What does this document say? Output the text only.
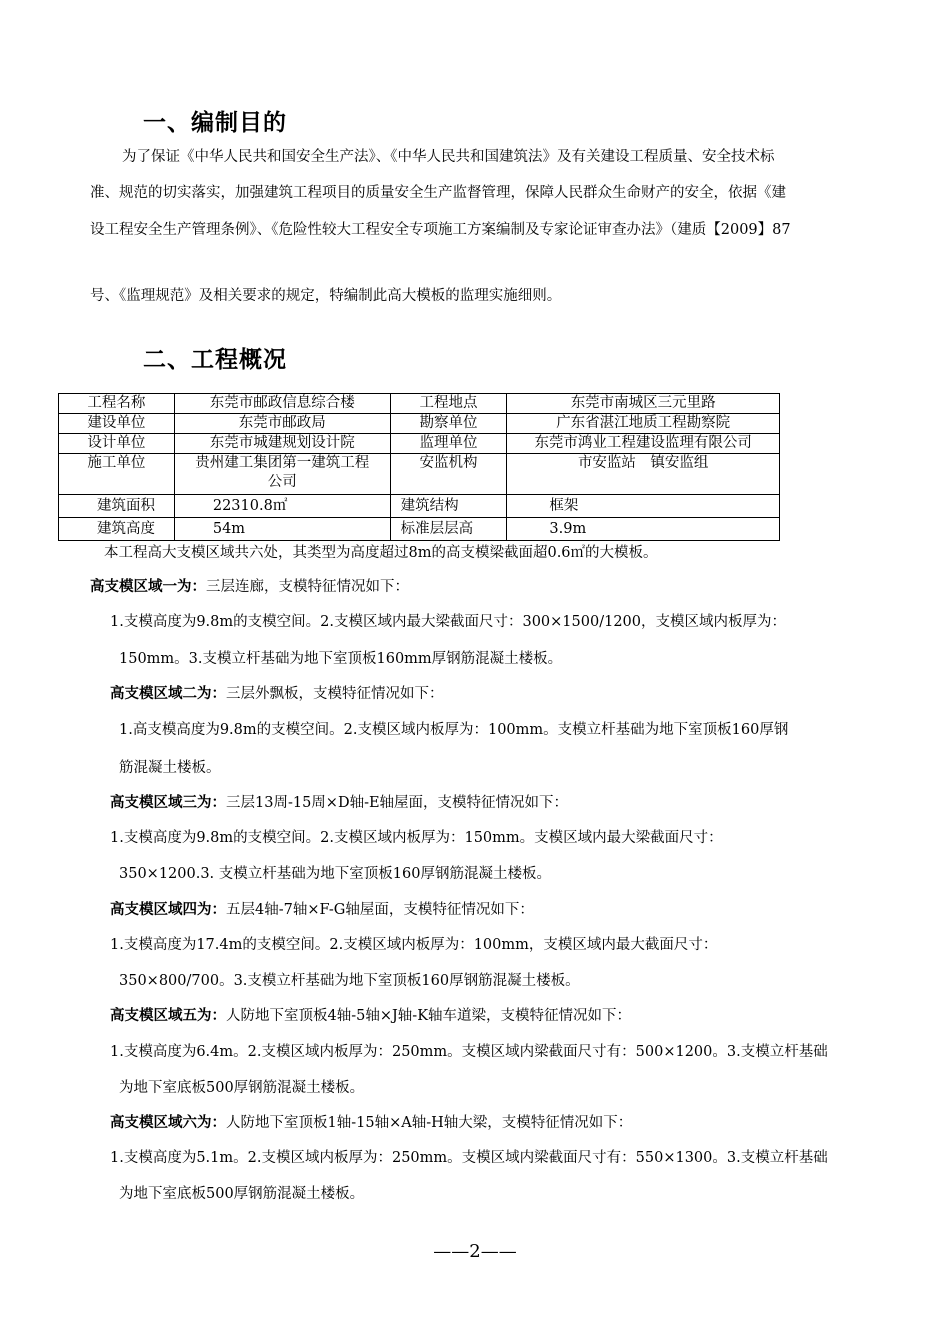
一、编制目的
为了保证《中华人民共和国安全生产法》、《中华人民共和国建筑法》及有关建设工程质量、安全技术标
准、规范的切实落实，加强建筑工程项目的质量安全生产监督管理，保障人民群众生命财产的安全，依据《建
设工程安全生产管理条例》、《危险性较大工程安全专项施工方案编制及专家论证审查办法》（建质【2009】87
号、《监理规范》及相关要求的规定，特编制此高大模板的监理实施细则。
二、工程概况
工程名称	东莞市邮政信息综合楼	工程地点	东莞市南城区三元里路
建设单位	东莞市邮政局	勘察单位	广东省湛江地质工程勘察院
设计单位	东莞市城建规划设计院	监理单位	东莞市鸿业工程建设监理有限公司
施工单位	贵州建工集团第一建筑工程公司	安监机构	市安监站　镇安监组
建筑面积	22310.8㎡	建筑结构	框架
建筑高度	54m	标准层层高	3.9m
本工程高大支模区域共六处，其类型为高度超过8m的高支模梁截面超0.6㎡的大模板。
高支模区域一为：三层连廊，支模特征情况如下：
1.支模高度为9.8m的支模空间。2.支模区域内最大梁截面尺寸：300×1500/1200，支模区域内板厚为：
150mm。3.支模立杆基础为地下室顶板160mm厚钢筋混凝土楼板。
高支模区域二为：三层外飘板，支模特征情况如下：
1.高支模高度为9.8m的支模空间。2.支模区域内板厚为：100mm。支模立杆基础为地下室顶板160厚钢
筋混凝土楼板。
高支模区域三为：三层13周-15周×D轴-E轴屋面，支模特征情况如下：
1.支模高度为9.8m的支模空间。2.支模区域内板厚为：150mm。支模区域内最大梁截面尺寸：
350×1200.3. 支模立杆基础为地下室顶板160厚钢筋混凝土楼板。
高支模区域四为：五层4轴-7轴×F-G轴屋面，支模特征情况如下：
1.支模高度为17.4m的支模空间。2.支模区域内板厚为：100mm，支模区域内最大截面尺寸：
350×800/700。3.支模立杆基础为地下室顶板160厚钢筋混凝土楼板。
高支模区域五为：人防地下室顶板4轴-5轴×J轴-K轴车道梁，支模特征情况如下：
1.支模高度为6.4m。2.支模区域内板厚为：250mm。支模区域内梁截面尺寸有：500×1200。3.支模立杆基础
为地下室底板500厚钢筋混凝土楼板。
高支模区域六为：人防地下室顶板1轴-15轴×A轴-H轴大梁，支模特征情况如下：
1.支模高度为5.1m。2.支模区域内板厚为：250mm。支模区域内梁截面尺寸有：550×1300。3.支模立杆基础
为地下室底板500厚钢筋混凝土楼板。
——2——
